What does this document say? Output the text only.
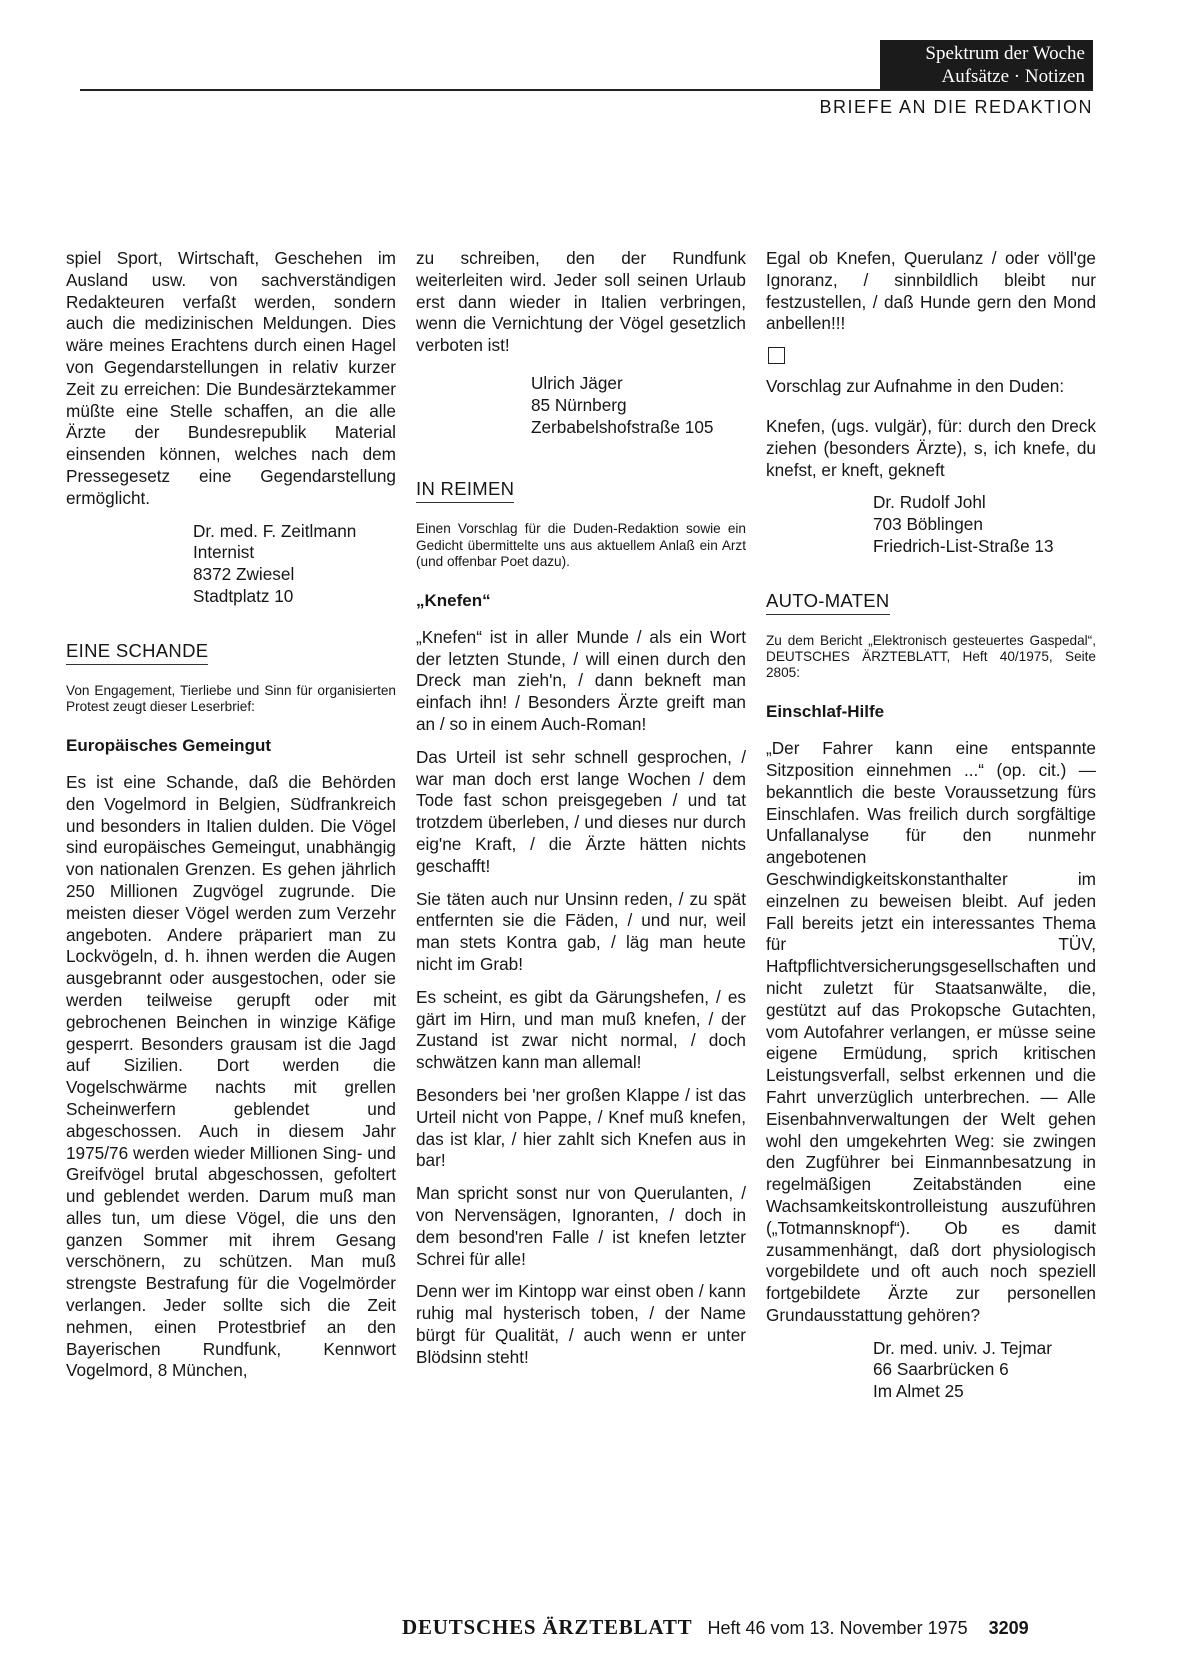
Spektrum der Woche
Aufsätze · Notizen
BRIEFE AN DIE REDAKTION

spiel Sport, Wirtschaft, Geschehen im Ausland usw. von sachverständigen Redakteuren verfaßt werden, sondern auch die medizinischen Meldungen. Dies wäre meines Erachtens durch einen Hagel von Gegendarstellungen in relativ kurzer Zeit zu erreichen: Die Bundesärztekammer müßte eine Stelle schaffen, an die alle Ärzte der Bundesrepublik Material einsenden können, welches nach dem Pressegesetz eine Gegendarstellung ermöglicht.

Dr. med. F. Zeitlmann
Internist
8372 Zwiesel
Stadtplatz 10
EINE SCHANDE
Von Engagement, Tierliebe und Sinn für organisierten Protest zeugt dieser Leserbrief:
Europäisches Gemeingut

Es ist eine Schande, daß die Behörden den Vogelmord in Belgien, Südfrankreich und besonders in Italien dulden. Die Vögel sind europäisches Gemeingut, unabhängig von nationalen Grenzen. Es gehen jährlich 250 Millionen Zugvögel zugrunde. Die meisten dieser Vögel werden zum Verzehr angeboten. Andere präpariert man zu Lockvögeln, d. h. ihnen werden die Augen ausgebrannt oder ausgestochen, oder sie werden teilweise gerupft oder mit gebrochenen Beinchen in winzige Käfige gesperrt. Besonders grausam ist die Jagd auf Sizilien. Dort werden die Vogelschwärme nachts mit grellen Scheinwerfern geblendet und abgeschossen. Auch in diesem Jahr 1975/76 werden wieder Millionen Sing- und Greifvögel brutal abgeschossen, gefoltert und geblendet werden. Darum muß man alles tun, um diese Vögel, die uns den ganzen Sommer mit ihrem Gesang verschönern, zu schützen. Man muß strengste Bestrafung für die Vogelmörder verlangen. Jeder sollte sich die Zeit nehmen, einen Protestbrief an den Bayerischen Rundfunk, Kennwort Vogelmord, 8 München,

zu schreiben, den der Rundfunk weiterleiten wird. Jeder soll seinen Urlaub erst dann wieder in Italien verbringen, wenn die Vernichtung der Vögel gesetzlich verboten ist!

Ulrich Jäger
85 Nürnberg
Zerbabelshofstraße 105
IN REIMEN
Einen Vorschlag für die Duden-Redaktion sowie ein Gedicht übermittelte uns aus aktuellem Anlaß ein Arzt (und offenbar Poet dazu).
„Knefen“

„Knefen“ ist in aller Munde / als ein Wort der letzten Stunde, / will einen durch den Dreck man zieh'n, / dann bekneft man einfach ihn! / Besonders Ärzte greift man an / so in einem Auch-Roman!

Das Urteil ist sehr schnell gesprochen, / war man doch erst lange Wochen / dem Tode fast schon preisgegeben / und tat trotzdem überleben, / und dieses nur durch eig'ne Kraft, / die Ärzte hätten nichts geschafft!

Sie täten auch nur Unsinn reden, / zu spät entfernten sie die Fäden, / und nur, weil man stets Kontra gab, / läg man heute nicht im Grab!

Es scheint, es gibt da Gärungshefen, / es gärt im Hirn, und man muß knefen, / der Zustand ist zwar nicht normal, / doch schwätzen kann man allemal!

Besonders bei 'ner großen Klappe / ist das Urteil nicht von Pappe, / Knef muß knefen, das ist klar, / hier zahlt sich Knefen aus in bar!

Man spricht sonst nur von Querulanten, / von Nervensägen, Ignoranten, / doch in dem besond'ren Falle / ist knefen letzter Schrei für alle!

Denn wer im Kintopp war einst oben / kann ruhig mal hysterisch toben, / der Name bürgt für Qualität, / auch wenn er unter Blödsinn steht!

Egal ob Knefen, Querulanz / oder völl'ge Ignoranz, / sinnbildlich bleibt nur festzustellen, / daß Hunde gern den Mond anbellen!!!

Vorschlag zur Aufnahme in den Duden:

Knefen, (ugs. vulgär), für: durch den Dreck ziehen (besonders Ärzte), s, ich knefe, du knefst, er kneft, gekneft

Dr. Rudolf Johl
703 Böblingen
Friedrich-List-Straße 13
AUTO-MATEN
Zu dem Bericht „Elektronisch gesteuertes Gaspedal“, DEUTSCHES ÄRZTEBLATT, Heft 40/1975, Seite 2805:
Einschlaf-Hilfe

„Der Fahrer kann eine entspannte Sitzposition einnehmen ...“ (op. cit.) — bekanntlich die beste Voraussetzung fürs Einschlafen. Was freilich durch sorgfältige Unfallanalyse für den nunmehr angebotenen Geschwindigkeitskonstanthalter im einzelnen zu beweisen bleibt. Auf jeden Fall bereits jetzt ein interessantes Thema für TÜV, Haftpflichtversicherungsgesellschaften und nicht zuletzt für Staatsanwälte, die, gestützt auf das Prokopsche Gutachten, vom Autofahrer verlangen, er müsse seine eigene Ermüdung, sprich kritischen Leistungsverfall, selbst erkennen und die Fahrt unverzüglich unterbrechen. — Alle Eisenbahnverwaltungen der Welt gehen wohl den umgekehrten Weg: sie zwingen den Zugführer bei Einmannbesatzung in regelmäßigen Zeitabständen eine Wachsamkeitskontrolleistung auszuführen („Totmannsknopf“). Ob es damit zusammenhängt, daß dort physiologisch vorgebildete und oft auch noch speziell fortgebildete Ärzte zur personellen Grundausstattung gehören?

Dr. med. univ. J. Tejmar
66 Saarbrücken 6
Im Almet 25
DEUTSCHES ÄRZTEBLATT Heft 46 vom 13. November 1975 3209
